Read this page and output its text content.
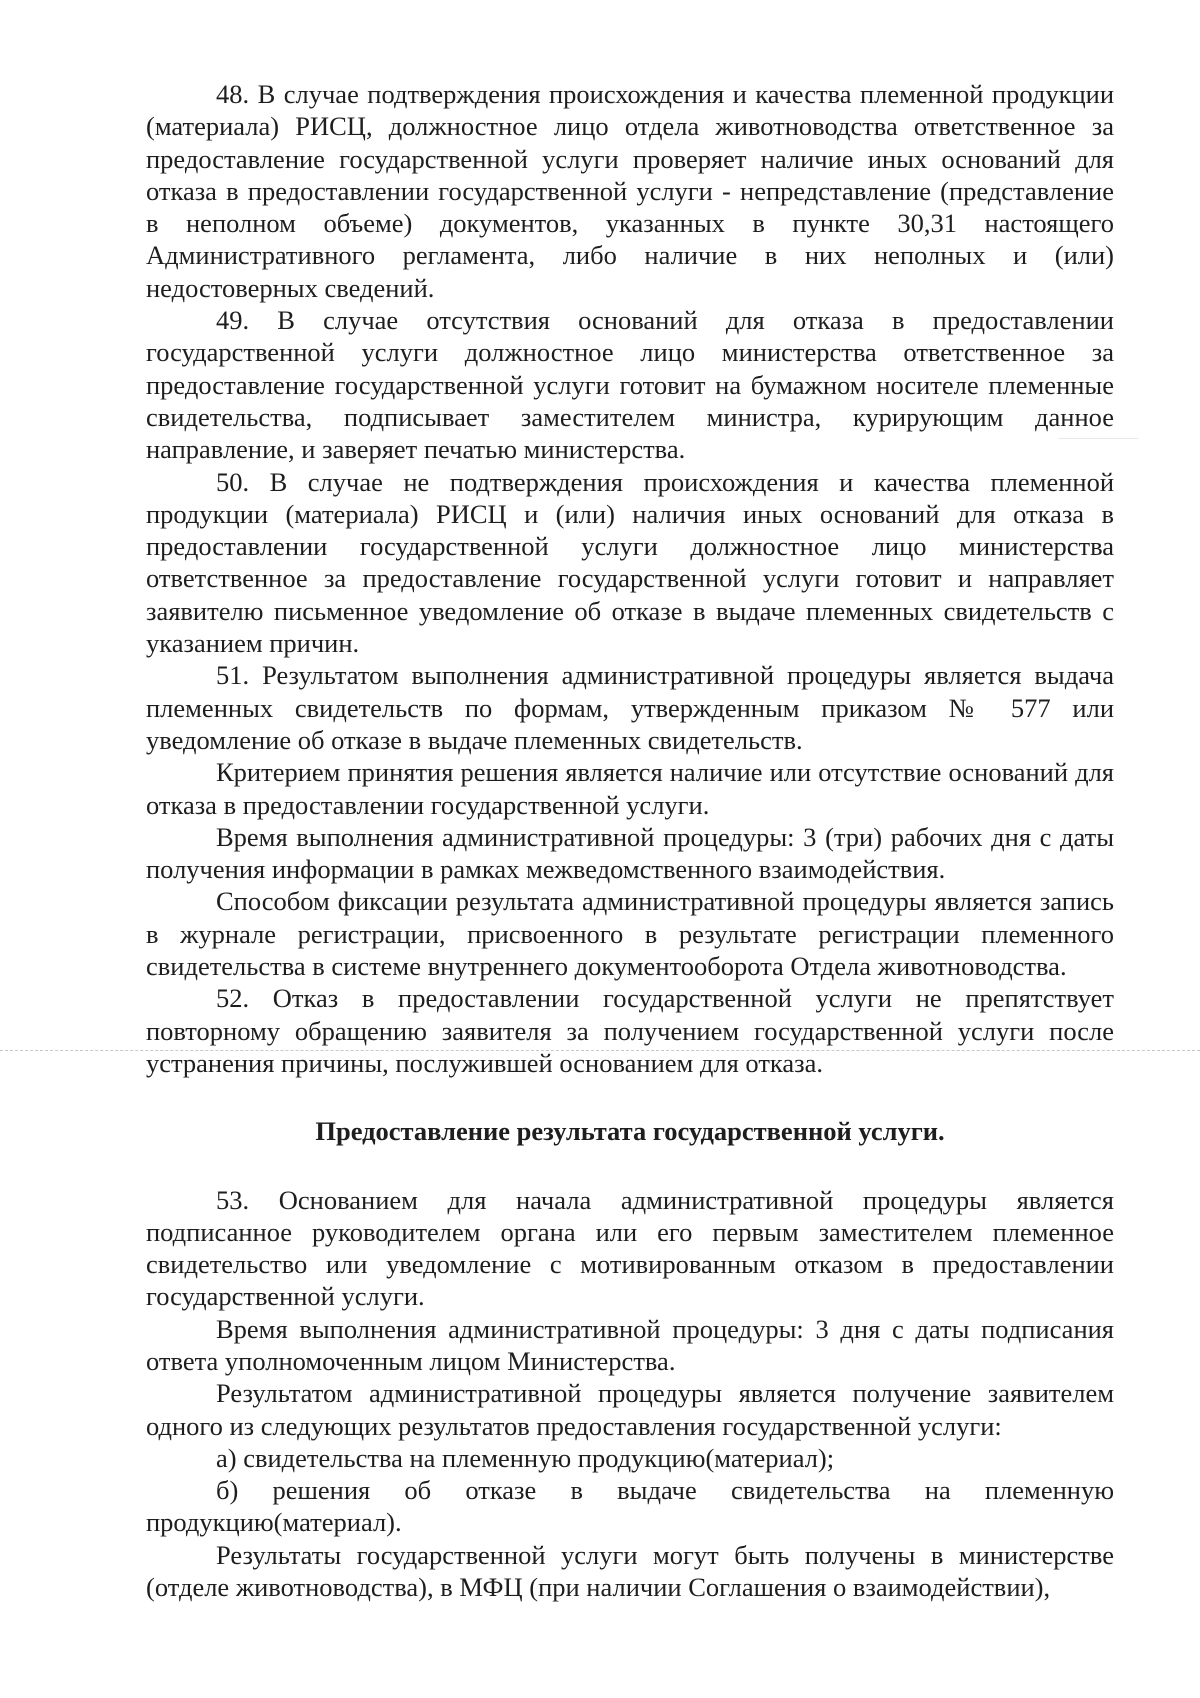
48. В случае подтверждения происхождения и качества племенной продукции (материала) РИСЦ, должностное лицо отдела животноводства ответственное за предоставление государственной услуги проверяет наличие иных оснований для отказа в предоставлении государственной услуги - непредставление (представление в неполном объеме) документов, указанных в пункте 30,31 настоящего Административного регламента, либо наличие в них неполных и (или) недостоверных сведений.

49. В случае отсутствия оснований для отказа в предоставлении государственной услуги должностное лицо министерства ответственное за предоставление государственной услуги готовит на бумажном носителе племенные свидетельства, подписывает заместителем министра, курирующим данное направление, и заверяет печатью министерства.

50. В случае не подтверждения происхождения и качества племенной продукции (материала) РИСЦ и (или) наличия иных оснований для отказа в предоставлении государственной услуги должностное лицо министерства ответственное за предоставление государственной услуги готовит и направляет заявителю письменное уведомление об отказе в выдаче племенных свидетельств с указанием причин.

51. Результатом выполнения административной процедуры является выдача племенных свидетельств по формам, утвержденным приказом № 577 или уведомление об отказе в выдаче племенных свидетельств.

Критерием принятия решения является наличие или отсутствие оснований для отказа в предоставлении государственной услуги.

Время выполнения административной процедуры: 3 (три) рабочих дня с даты получения информации в рамках межведомственного взаимодействия.

Способом фиксации результата административной процедуры является запись в журнале регистрации, присвоенного в результате регистрации племенного свидетельства в системе внутреннего документооборота Отдела животноводства.

52. Отказ в предоставлении государственной услуги не препятствует повторному обращению заявителя за получением государственной услуги после устранения причины, послужившей основанием для отказа.

Предоставление результата государственной услуги.

53. Основанием для начала административной процедуры является подписанное руководителем органа или его первым заместителем племенное свидетельство или уведомление с мотивированным отказом в предоставлении государственной услуги.

Время выполнения административной процедуры: 3 дня с даты подписания ответа уполномоченным лицом Министерства.

Результатом административной процедуры является получение заявителем одного из следующих результатов предоставления государственной услуги:

а) свидетельства на племенную продукцию(материал);

б) решения об отказе в выдаче свидетельства на племенную продукцию(материал).

Результаты государственной услуги могут быть получены в министерстве (отделе животноводства), в МФЦ (при наличии Соглашения о взаимодействии),
